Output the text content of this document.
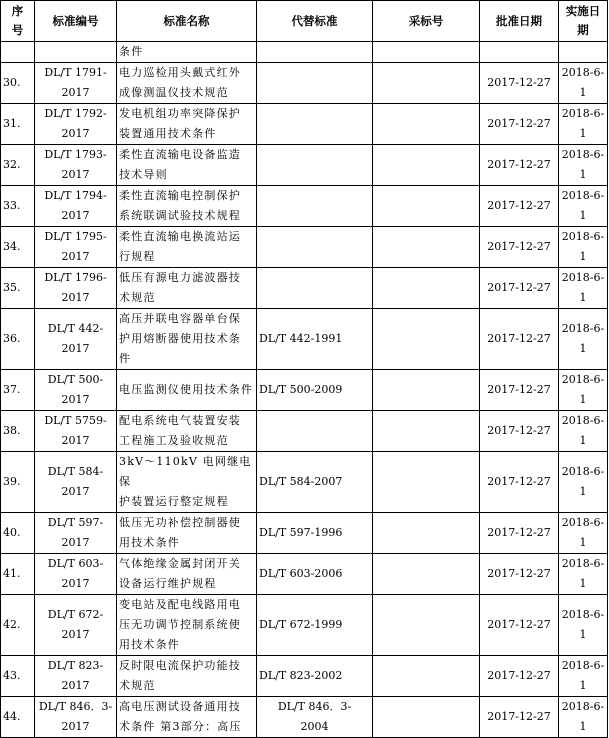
序
号	标准编号	标准名称	代替标准	采标号	批准日期	实施日
期

		条件				
30.	DL/T 1791-
2017	电力巡检用头戴式红外
成像测温仪技术规范			2017-12-27	2018-6-
1

31.	DL/T 1792-
2017	发电机组功率突降保护
装置通用技术条件			2017-12-27	2018-6-
1

32.	DL/T 1793-
2017	柔性直流输电设备监造
技术导则			2017-12-27	2018-6-
1

33.	DL/T 1794-
2017	柔性直流输电控制保护
系统联调试验技术规程			2017-12-27	2018-6-
1

34.	DL/T 1795-
2017	柔性直流输电换流站运
行规程			2017-12-27	2018-6-
1

35.	DL/T 1796-
2017	低压有源电力滤波器技
术规范			2017-12-27	2018-6-
1

36.	DL/T 442-
2017	高压并联电容器单台保
护用熔断器使用技术条
件	DL/T 442-1991		2017-12-27	2018-6-
1

37.	DL/T 500-
2017	电压监测仪使用技术条件	DL/T 500-2009		2017-12-27	2018-6-
1

38.	DL/T 5759-
2017	配电系统电气装置安装
工程施工及验收规范			2017-12-27	2018-6-
1

39.	DL/T 584-
2017	3kV～110kV 电网继电保
护装置运行整定规程	DL/T 584-2007		2017-12-27	2018-6-
1

40.	DL/T 597-
2017	低压无功补偿控制器使
用技术条件	DL/T 597-1996		2017-12-27	2018-6-
1

41.	DL/T 603-
2017	气体绝缘金属封闭开关
设备运行维护规程	DL/T 603-2006		2017-12-27	2018-6-
1

42.	DL/T 672-
2017	变电站及配电线路用电
压无功调节控制系统使
用技术条件	DL/T 672-1999		2017-12-27	2018-6-
1

43.	DL/T 823-
2017	反时限电流保护功能技
术规范	DL/T 823-2002		2017-12-27	2018-6-
1

44.	DL/T 846．3-
2017	高电压测试设备通用技
术条件 第3部分：高压	DL/T 846．3-
2004		2017-12-27	2018-6-
1
